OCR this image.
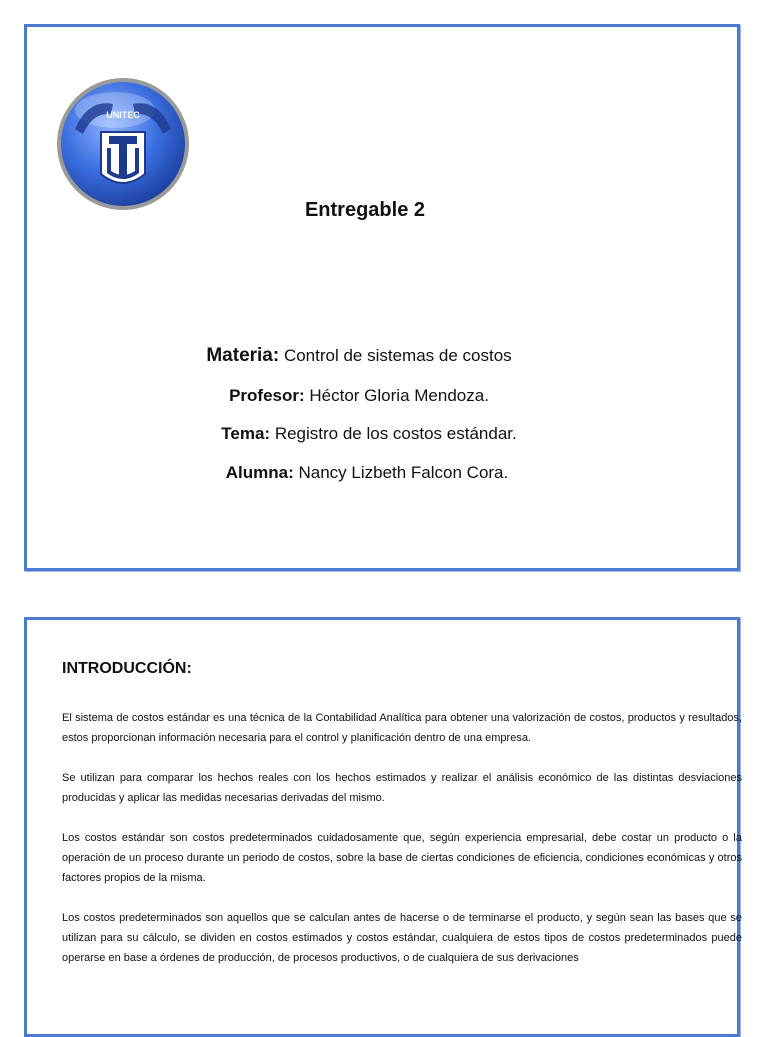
UNITEC
Entregable 2
Materia: Control de sistemas de costos
Profesor: Héctor Gloria Mendoza.
Tema: Registro de los costos estándar.
Alumna: Nancy Lizbeth Falcon Cora.
INTRODUCCIÓN:

El sistema de costos estándar es una técnica de la Contabilidad Analítica para obtener una valorización de costos, productos y resultados, estos proporcionan información necesaria para el control y planificación dentro de una empresa.

Se utilizan para comparar los hechos reales con los hechos estimados y realizar el análisis económico de las distintas desviaciones producidas y aplicar las medidas necesarias derivadas del mismo.

Los costos estándar son costos predeterminados cuidadosamente que, según experiencia empresarial, debe costar un producto o la operación de un proceso durante un periodo de costos, sobre la base de ciertas condiciones de eficiencia, condiciones económicas y otros factores propios de la misma.

Los costos predeterminados son aquellos que se calculan antes de hacerse o de terminarse el producto, y según sean las bases que se utilizan para su cálculo, se dividen en costos estimados y costos estándar, cualquiera de estos tipos de costos predeterminados puede operarse en base a órdenes de producción, de procesos productivos, o de cualquiera de sus derivaciones
